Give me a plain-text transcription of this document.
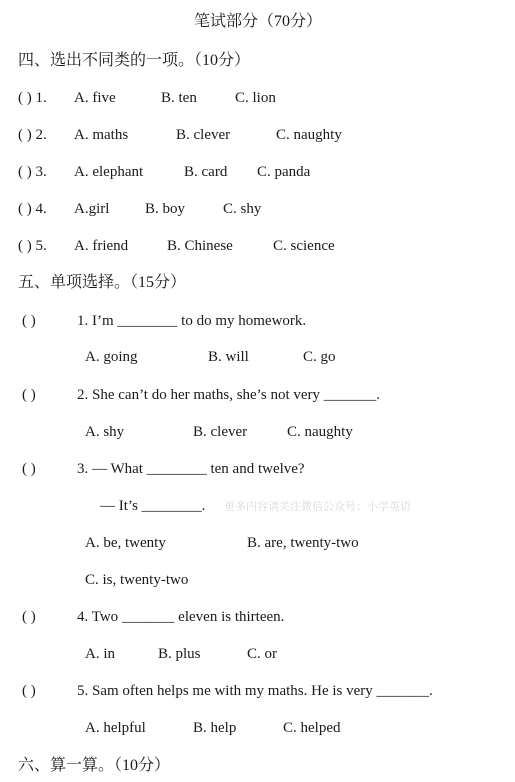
笔试部分（70分）
四、选出不同类的一项。（10分）
( ) 1. A. five	B. ten	C. lion
( ) 2. A. maths	B. clever	C. naughty
( ) 3. A. elephant	B. card C. panda
( ) 4. A.girl B. boy	C. shy
( ) 5. A. friend	B. Chinese	C. science
五、单项选择。（15分）
( )	1. I’m ________ to do my homework.
A. going	B. will	C. go
( )	2. She can’t do her maths, she’s not very _______.
A. shy	B. clever	C. naughty
( )	3. — What ________ ten and twelve?
— It’s ________. 更多内容请关注微信公众号：小学英语
A. be, twenty	B. are, twenty-two
C. is, twenty-two
( )	4. Two _______ eleven is thirteen.
A. in	B. plus	C. or
( )	5. Sam often helps me with my maths. He is very _______.
A. helpful	B. help	C. helped
六、算一算。（10分）
